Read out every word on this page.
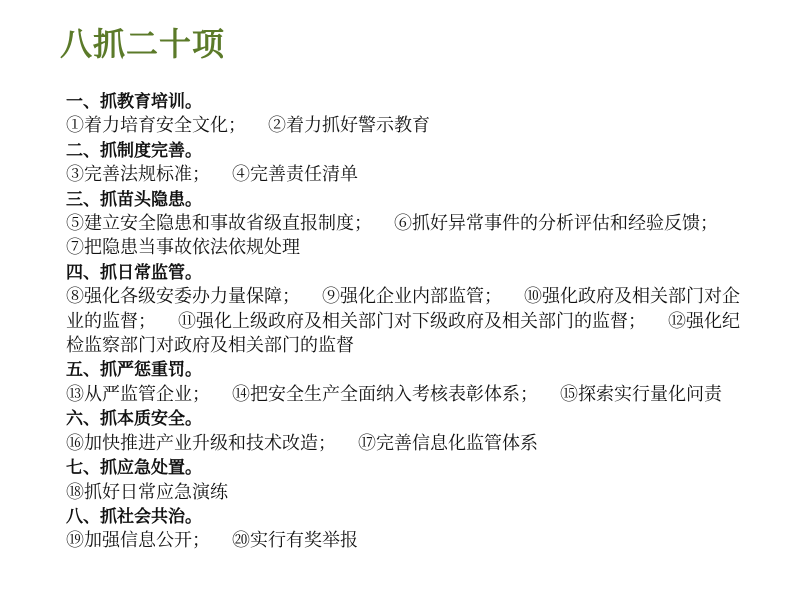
八抓二十项
一、抓教育培训。
①着力培育安全文化； ②着力抓好警示教育
二、抓制度完善。
③完善法规标准； ④完善责任清单
三、抓苗头隐患。
⑤建立安全隐患和事故省级直报制度； ⑥抓好异常事件的分析评估和经验反馈；⑦把隐患当事故依法依规处理
四、抓日常监管。
⑧强化各级安委办力量保障； ⑨强化企业内部监管； ⑩强化政府及相关部门对企业的监督； ⑪强化上级政府及相关部门对下级政府及相关部门的监督； ⑫强化纪检监察部门对政府及相关部门的监督
五、抓严惩重罚。
⑬从严监管企业； ⑭把安全生产全面纳入考核表彰体系； ⑮探索实行量化问责
六、抓本质安全。
⑯加快推进产业升级和技术改造； ⑰完善信息化监管体系
七、抓应急处置。
⑱抓好日常应急演练
八、抓社会共治。
⑲加强信息公开； ⑳实行有奖举报
